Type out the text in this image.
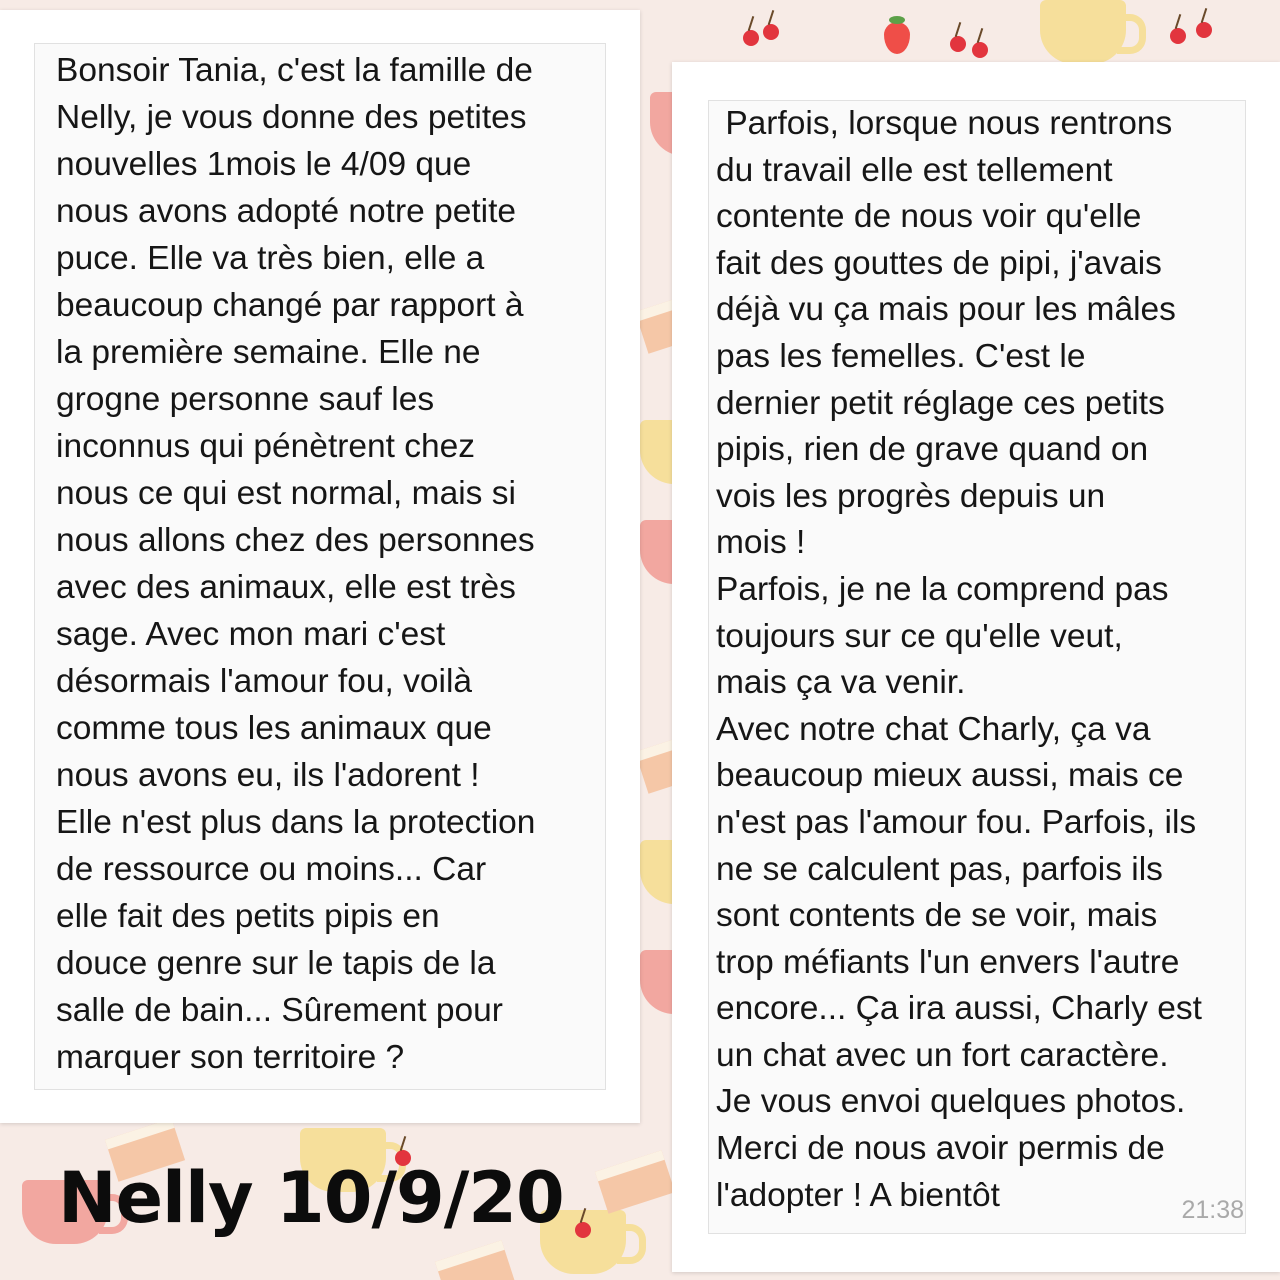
Bonsoir Tania, c'est la famille de
Nelly, je vous donne des petites
nouvelles 1mois le 4/09 que
nous avons adopté notre petite
puce. Elle va très bien, elle a
beaucoup changé par rapport à
la première semaine. Elle ne
grogne personne sauf les
inconnus qui pénètrent chez
nous ce qui est normal, mais si
nous allons chez des personnes
avec des animaux, elle est très
sage. Avec mon mari c'est
désormais l'amour fou, voilà
comme tous les animaux que
nous avons eu, ils l'adorent !
Elle n'est plus dans la protection
de ressource ou moins... Car
elle fait des petits pipis en
douce genre sur le tapis de la
salle de bain... Sûrement pour
marquer son territoire ?

Parfois, lorsque nous rentrons
du travail elle est tellement
contente de nous voir qu'elle
fait des gouttes de pipi, j'avais
déjà vu ça mais pour les mâles
pas les femelles. C'est le
dernier petit réglage ces petits
pipis, rien de grave quand on
vois les progrès depuis un
mois !
Parfois, je ne la comprend pas
toujours sur ce qu'elle veut,
mais ça va venir.
Avec notre chat Charly, ça va
beaucoup mieux aussi, mais ce
n'est pas l'amour fou. Parfois, ils
ne se calculent pas, parfois ils
sont contents de se voir, mais
trop méfiants l'un envers l'autre
encore... Ça ira aussi, Charly est
un chat avec un fort caractère.
Je vous envoi quelques photos.
Merci de nous avoir permis de
l'adopter ! A bientôt	21:38
Nelly 10/9/20
